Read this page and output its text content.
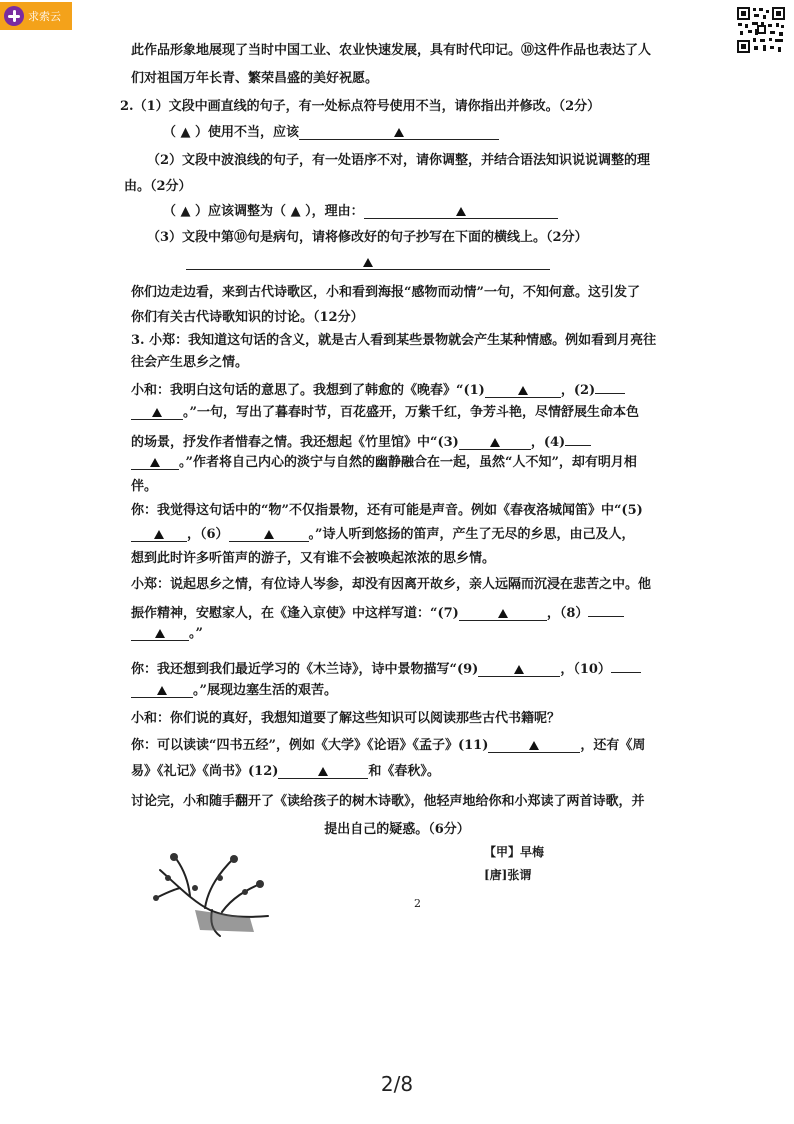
求索云
此作品形象地展现了当时中国工业、农业快速发展，具有时代印记。⑩这件作品也表达了人
们对祖国万年长青、繁荣昌盛的美好祝愿。
2.（1）文段中画直线的句子，有一处标点符号使用不当，请你指出并修改。（2分）
（ ▲ ）使用不当，应该
（2）文段中波浪线的句子，有一处语序不对，请你调整，并结合语法知识说说调整的理
由。（2分）
（ ▲ ）应该调整为（ ▲ ），理由：
（3）文段中第⑩句是病句，请将修改好的句子抄写在下面的横线上。（2分）
你们边走边看，来到古代诗歌区，小和看到海报“感物而动情”一句，不知何意。这引发了
你们有关古代诗歌知识的讨论。（12分）
3. 小郑：我知道这句话的含义，就是古人看到某些景物就会产生某种情感。例如看到月亮往
往会产生思乡之情。
小和：我明白这句话的意思了。我想到了韩愈的《晚春》“(1)	，(2)
。”一句，写出了暮春时节，百花盛开，万紫千红，争芳斗艳，尽情舒展生命本色
的场景，抒发作者惜春之情。我还想起《竹里馆》中“(3)	，(4)
。”作者将自己内心的淡宁与自然的幽静融合在一起，虽然“人不知”，却有明月相
伴。
你：我觉得这句话中的“物”不仅指景物，还有可能是声音。例如《春夜洛城闻笛》中“(5)
，（6）	。”诗人听到悠扬的笛声，产生了无尽的乡思，由己及人，
想到此时许多听笛声的游子，又有谁不会被唤起浓浓的思乡情。
小郑：说起思乡之情，有位诗人岑参，却没有因离开故乡，亲人远隔而沉浸在悲苦之中。他
振作精神，安慰家人，在《逢入京使》中这样写道：“(7)	，（8）
。”
你：我还想到我们最近学习的《木兰诗》，诗中景物描写“(9)	，（10）
。”展现边塞生活的艰苦。
小和：你们说的真好，我想知道要了解这些知识可以阅读那些古代书籍呢？
你：可以读读“四书五经”，例如《大学》《论语》《孟子》(11)	，还有《周
易》《礼记》《尚书》(12)	和《春秋》。
讨论完，小和随手翻开了《读给孩子的树木诗歌》，他轻声地给你和小郑读了两首诗歌，并
提出自己的疑惑。（6分）
【甲】早梅
[唐]张谓
2
2/8
